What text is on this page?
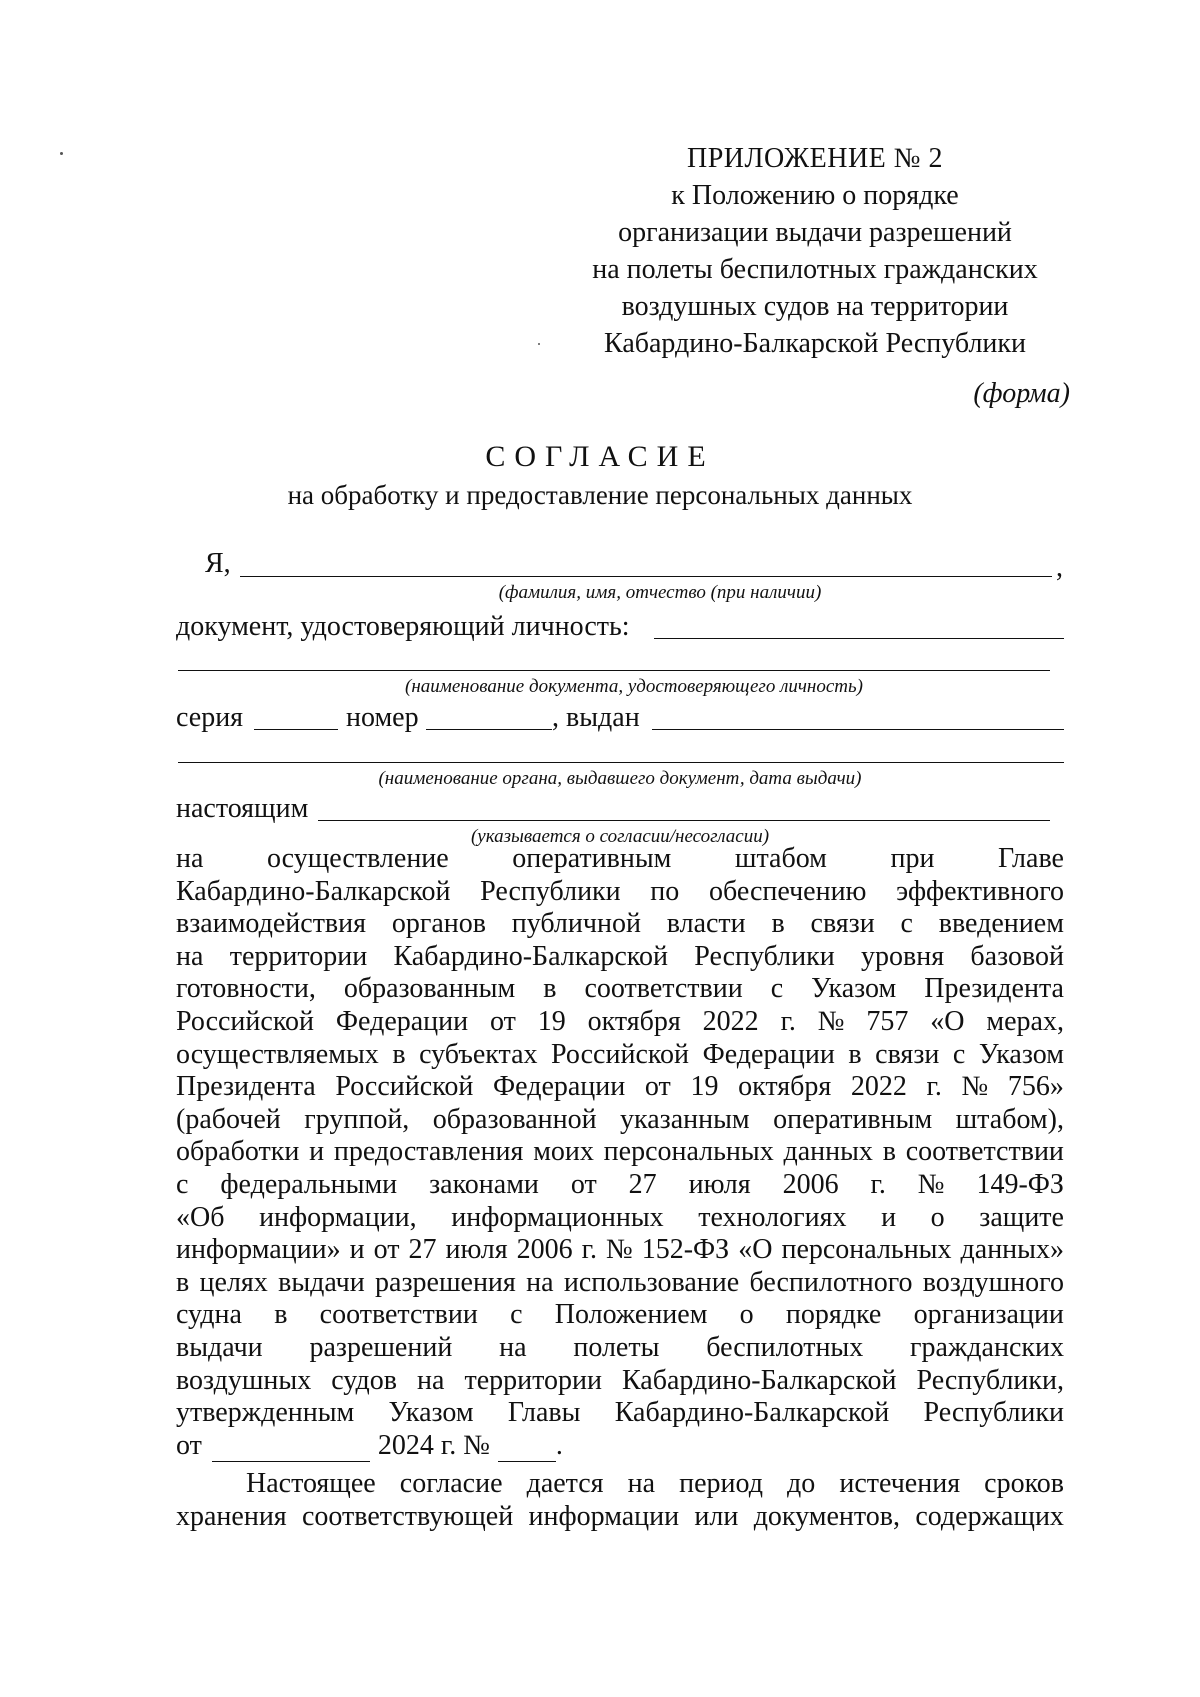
ПРИЛОЖЕНИЕ № 2
к Положению о порядке
организации выдачи разрешений
на полеты беспилотных гражданских
воздушных судов на территории
Кабардино-Балкарской Республики
(форма)
СОГЛАСИЕ
на обработку и предоставление персональных данных
Я,	,
(фамилия, имя, отчество (при наличии)
документ, удостоверяющий личность:
(наименование документа, удостоверяющего личность)
серия	номер	, выдан
(наименование органа, выдавшего документ, дата выдачи)
настоящим
(указывается о согласии/несогласии)
на осуществление оперативным штабом при Главе
Кабардино-Балкарской Республики по обеспечению эффективного
взаимодействия органов публичной власти в связи с введением
на территории Кабардино-Балкарской Республики уровня базовой
готовности, образованным в соответствии с Указом Президента
Российской Федерации от 19 октября 2022 г. № 757 «О мерах,
осуществляемых в субъектах Российской Федерации в связи с Указом
Президента Российской Федерации от 19 октября 2022 г. № 756»
(рабочей группой, образованной указанным оперативным штабом),
обработки и предоставления моих персональных данных в соответствии
с федеральными законами от 27 июля 2006 г. № 149-ФЗ
«Об информации, информационных технологиях и о защите
информации» и от 27 июля 2006 г. № 152-ФЗ «О персональных данных»
в целях выдачи разрешения на использование беспилотного воздушного
судна в соответствии с Положением о порядке организации
выдачи разрешений на полеты беспилотных гражданских
воздушных судов на территории Кабардино-Балкарской Республики,
утвержденным Указом Главы Кабардино-Балкарской Республики
от	2024 г. № .
Настоящее согласие дается на период до истечения сроков
хранения соответствующей информации или документов, содержащих
